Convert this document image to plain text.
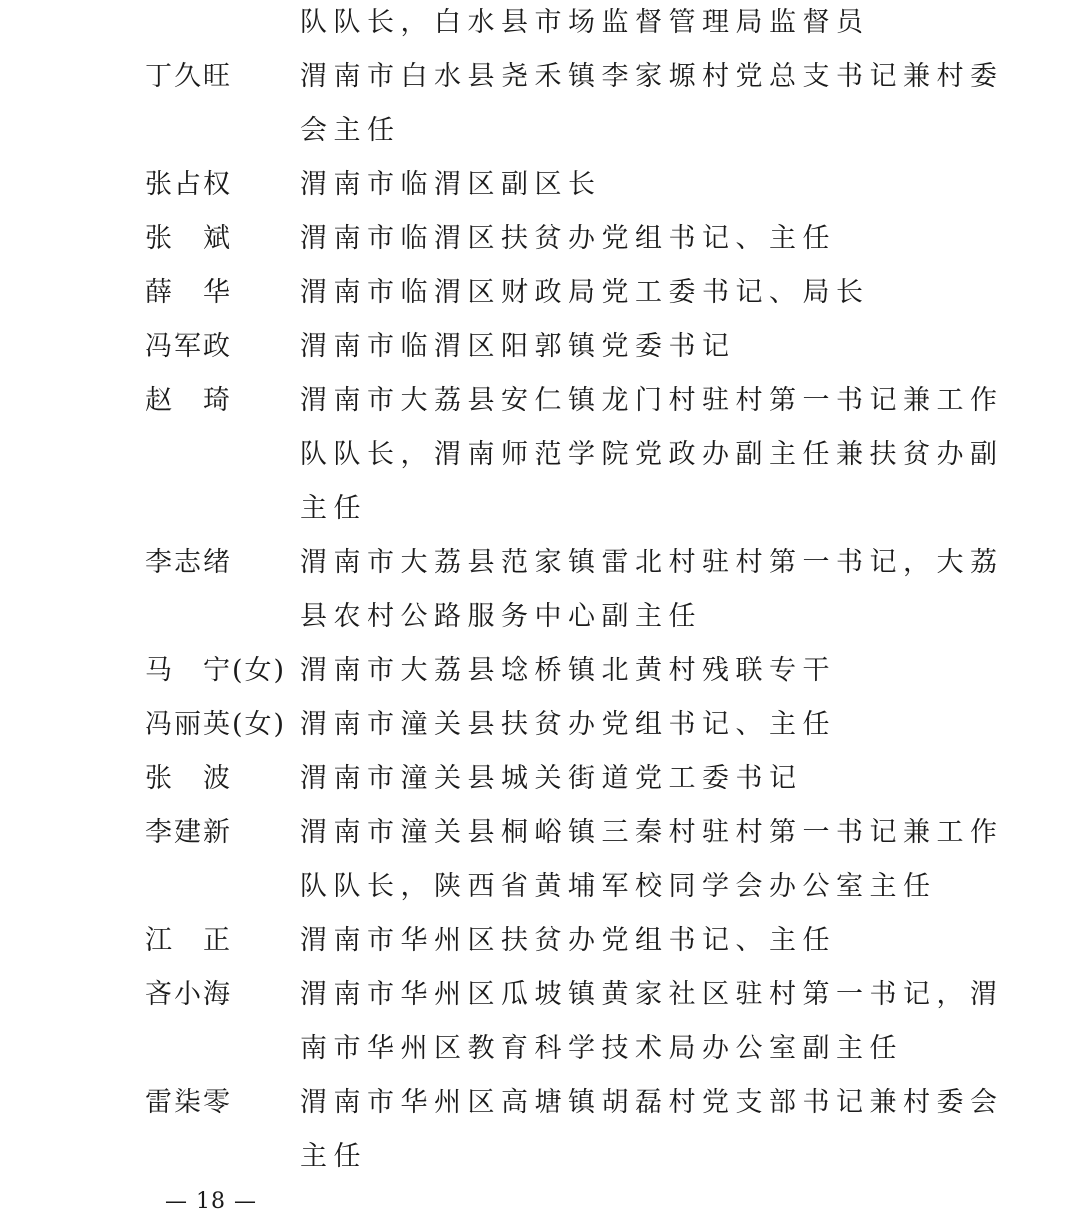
队队长，白水县市场监督管理局监督员
丁久旺	渭南市白水县尧禾镇李家塬村党总支书记兼村委
会主任
张占权	渭南市临渭区副区长
张　斌	渭南市临渭区扶贫办党组书记、主任
薛　华	渭南市临渭区财政局党工委书记、局长
冯军政	渭南市临渭区阳郭镇党委书记
赵　琦	渭南市大荔县安仁镇龙门村驻村第一书记兼工作
队队长，渭南师范学院党政办副主任兼扶贫办副
主任
李志绪	渭南市大荔县范家镇雷北村驻村第一书记，大荔
县农村公路服务中心副主任
马　宁(女) 渭南市大荔县埝桥镇北黄村残联专干
冯丽英(女) 渭南市潼关县扶贫办党组书记、主任
张　波	渭南市潼关县城关街道党工委书记
李建新	渭南市潼关县桐峪镇三秦村驻村第一书记兼工作
队队长，陕西省黄埔军校同学会办公室主任
江　正	渭南市华州区扶贫办党组书记、主任
吝小海	渭南市华州区瓜坡镇黄家社区驻村第一书记，渭
南市华州区教育科学技术局办公室副主任
雷柒零	渭南市华州区高塘镇胡磊村党支部书记兼村委会
主任
— 18 —
